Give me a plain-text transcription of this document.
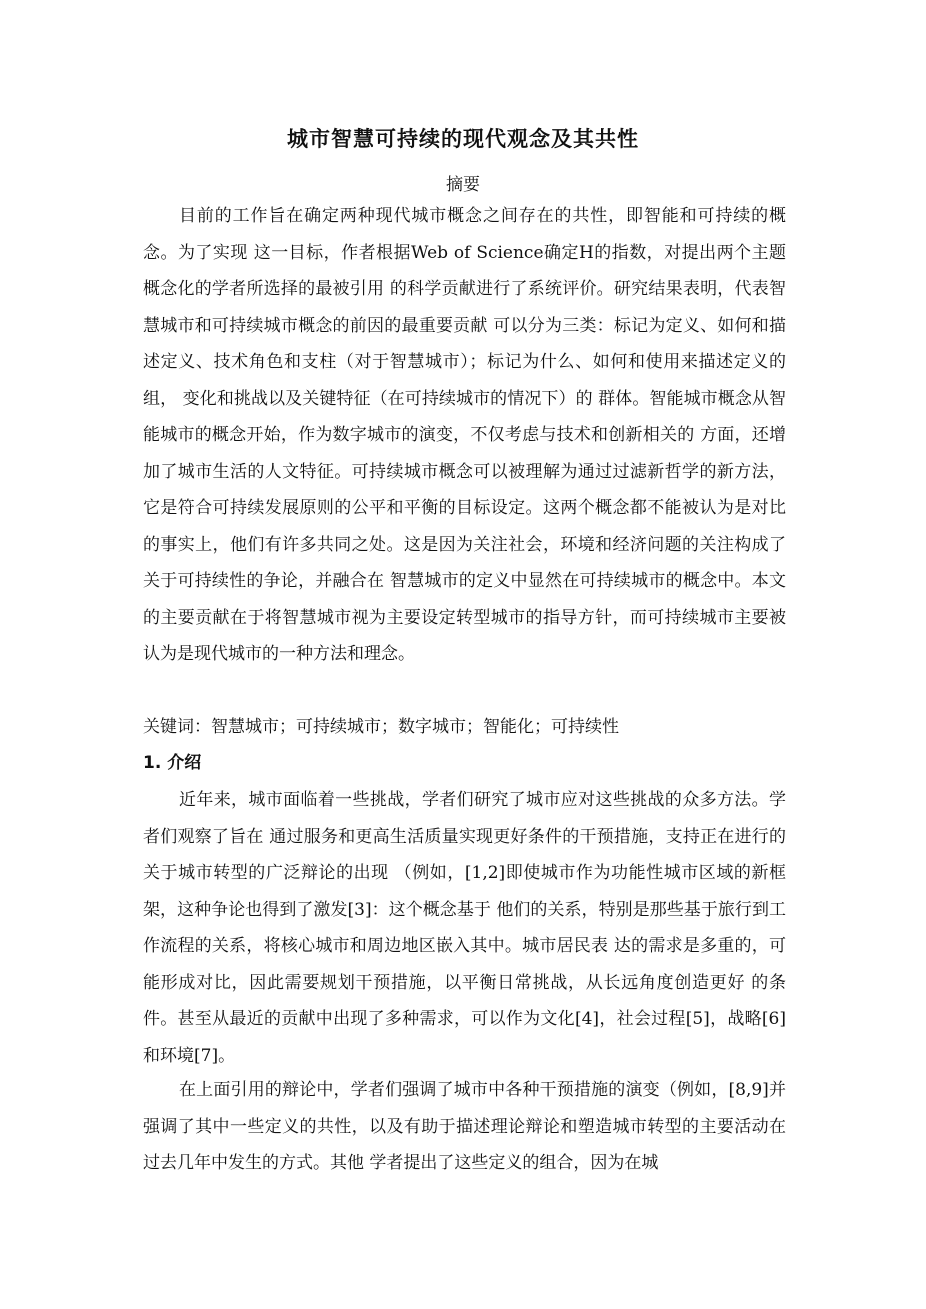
城市智慧可持续的现代观念及其共性
摘要

目前的工作旨在确定两种现代城市概念之间存在的共性，即智能和可持续的概念。为了实现 这一目标，作者根据Web of Science确定H的指数，对提出两个主题概念化的学者所选择的最被引用 的科学贡献进行了系统评价。研究结果表明，代表智慧城市和可持续城市概念的前因的最重要贡献 可以分为三类：标记为定义、如何和描述定义、技术角色和支柱（对于智慧城市）；标记为什么、如何和使用来描述定义的组， 变化和挑战以及关键特征（在可持续城市的情况下）的 群体。智能城市概念从智能城市的概念开始，作为数字城市的演变，不仅考虑与技术和创新相关的 方面，还增加了城市生活的人文特征。可持续城市概念可以被理解为通过过滤新哲学的新方法，它是符合可持续发展原则的公平和平衡的目标设定。这两个概念都不能被认为是对比的事实上，他们有许多共同之处。这是因为关注社会，环境和经济问题的关注构成了关于可持续性的争论，并融合在 智慧城市的定义中显然在可持续城市的概念中。本文的主要贡献在于将智慧城市视为主要设定转型城市的指导方针，而可持续城市主要被认为是现代城市的一种方法和理念。

关键词：智慧城市；可持续城市；数字城市；智能化；可持续性
1. 介绍

近年来，城市面临着一些挑战，学者们研究了城市应对这些挑战的众多方法。学者们观察了旨在 通过服务和更高生活质量实现更好条件的干预措施，支持正在进行的关于城市转型的广泛辩论的出现 （例如，[1,2]即使城市作为功能性城市区域的新框架，这种争论也得到了激发[3]：这个概念基于 他们的关系，特别是那些基于旅行到工作流程的关系，将核心城市和周边地区嵌入其中。城市居民表 达的需求是多重的，可能形成对比，因此需要规划干预措施，以平衡日常挑战，从长远角度创造更好 的条件。甚至从最近的贡献中出现了多种需求，可以作为文化[4]，社会过程[5]，战略[6]和环境[7]。

在上面引用的辩论中，学者们强调了城市中各种干预措施的演变（例如，[8,9]并强调了其中一些定义的共性，以及有助于描述理论辩论和塑造城市转型的主要活动在过去几年中发生的方式。其他 学者提出了这些定义的组合，因为在城
